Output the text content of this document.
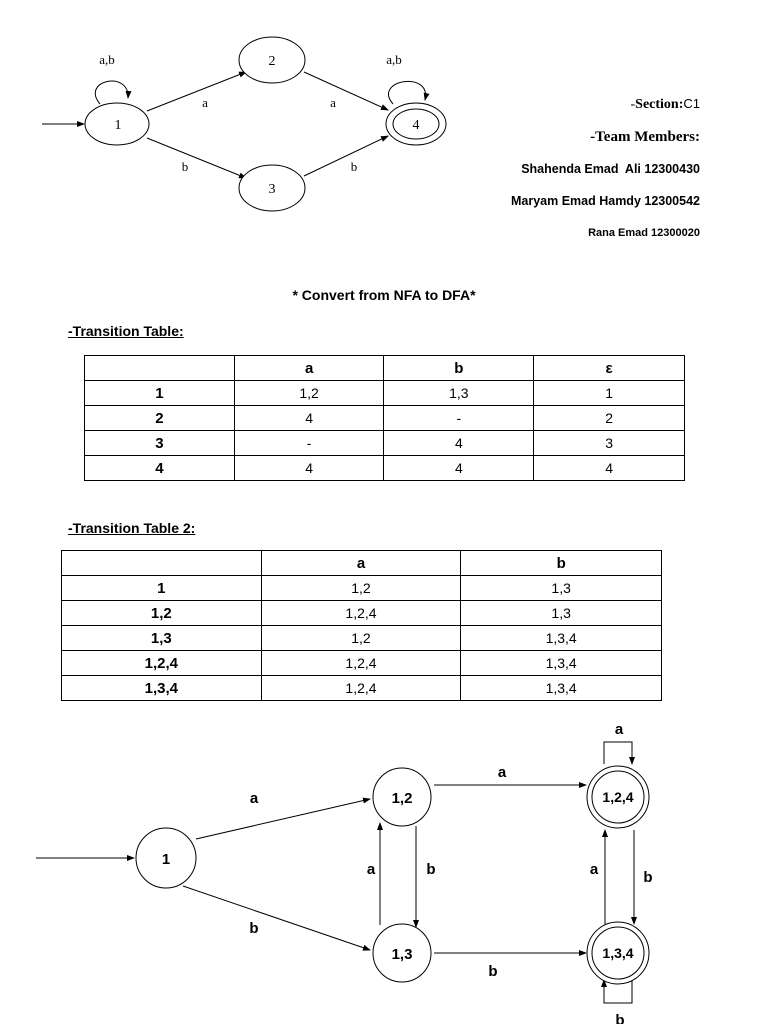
1
2
3
4
a,b
a
b
a
b
a,b
-Section:C1
-Team Members:
Shahenda Emad  Ali 12300430
Maryam Emad Hamdy 12300542
Rana Emad 12300020
* Convert from NFA to DFA*
-Transition Table:
	a	b	ε
1	1,2	1,3	1
2	4	-	2
3	-	4	3
4	4	4	4
-Transition Table 2:
	a	b
1	1,2	1,3
1,2	1,2,4	1,3
1,3	1,2	1,3,4
1,2,4	1,2,4	1,3,4
1,3,4	1,2,4	1,3,4
1
1,2
1,3
1,2,4
1,3,4
a
b
a
b
a	b
a
a	b
b
